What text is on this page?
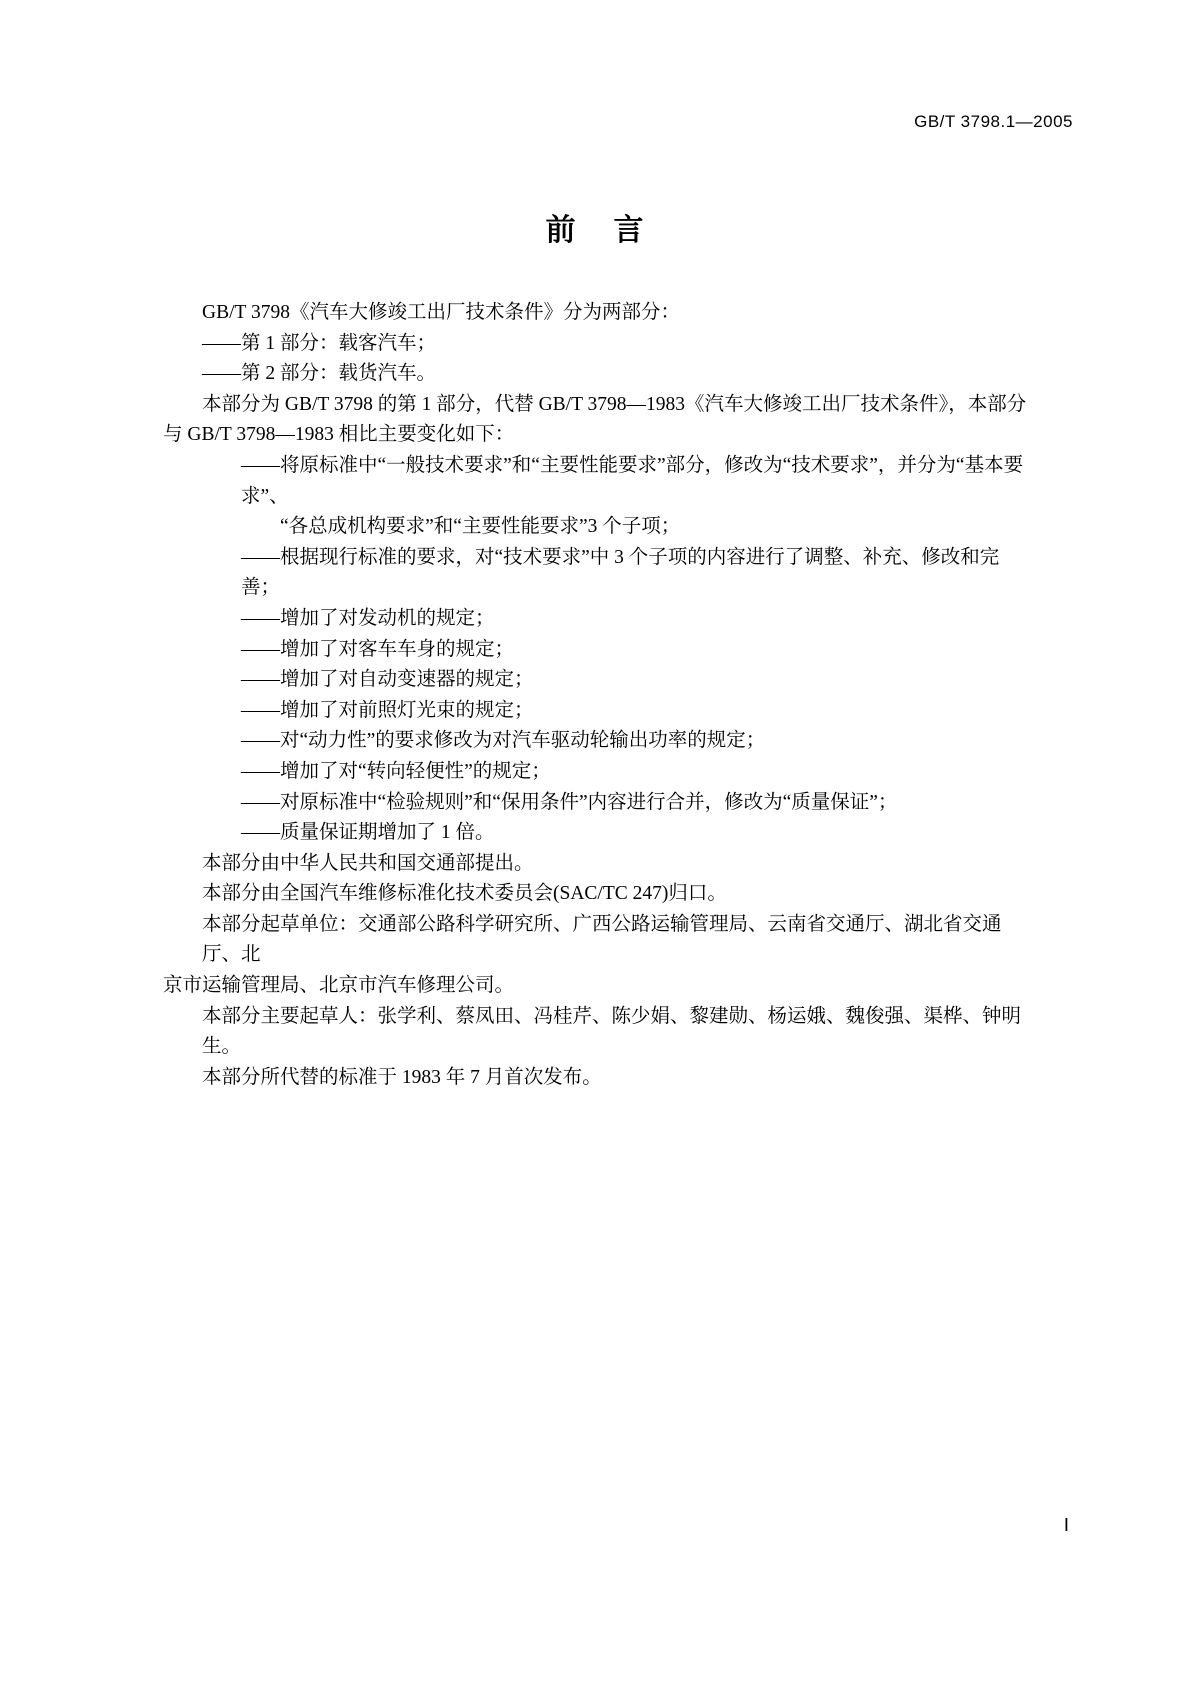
GB/T 3798.1—2005
前 言

GB/T 3798《汽车大修竣工出厂技术条件》分为两部分：

——第 1 部分：载客汽车；

——第 2 部分：载货汽车。

本部分为 GB/T 3798 的第 1 部分，代替 GB/T 3798—1983《汽车大修竣工出厂技术条件》，本部分
与 GB/T 3798—1983 相比主要变化如下：

——将原标准中“一般技术要求”和“主要性能要求”部分，修改为“技术要求”，并分为“基本要求”、
“各总成机构要求”和“主要性能要求”3 个子项；

——根据现行标准的要求，对“技术要求”中 3 个子项的内容进行了调整、补充、修改和完善；

——增加了对发动机的规定；

——增加了对客车车身的规定；

——增加了对自动变速器的规定；

——增加了对前照灯光束的规定；

——对“动力性”的要求修改为对汽车驱动轮输出功率的规定；

——增加了对“转向轻便性”的规定；

——对原标准中“检验规则”和“保用条件”内容进行合并，修改为“质量保证”；

——质量保证期增加了 1 倍。

本部分由中华人民共和国交通部提出。

本部分由全国汽车维修标准化技术委员会(SAC/TC 247)归口。

本部分起草单位：交通部公路科学研究所、广西公路运输管理局、云南省交通厅、湖北省交通厅、北
京市运输管理局、北京市汽车修理公司。

本部分主要起草人：张学利、蔡凤田、冯桂芹、陈少娟、黎建勋、杨运娥、魏俊强、渠桦、钟明生。

本部分所代替的标准于 1983 年 7 月首次发布。

Ⅰ
